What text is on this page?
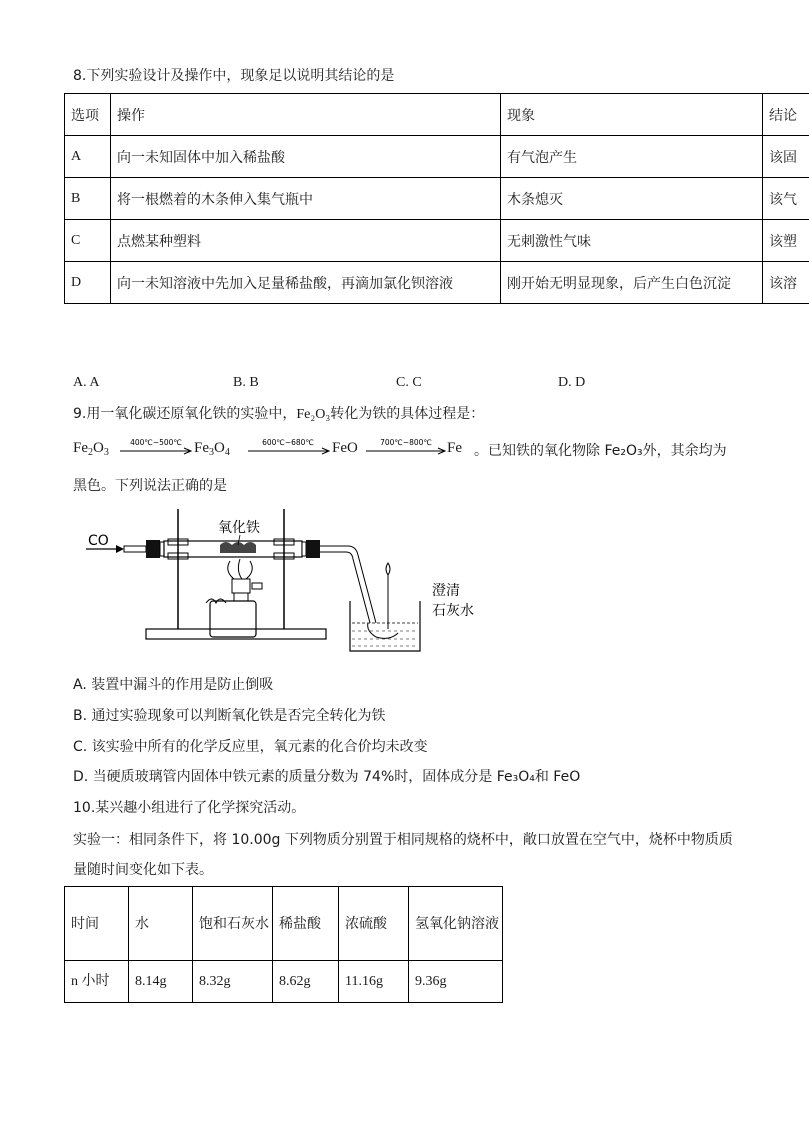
8.下列实验设计及操作中，现象足以说明其结论的是
选项	操作	现象	结论
A	向一未知固体中加入稀盐酸	有气泡产生	该固
B	将一根燃着的木条伸入集气瓶中	木条熄灭	该气
C	点燃某种塑料	无刺激性气味	该塑
D	向一未知溶液中先加入足量稀盐酸，再滴加氯化钡溶液	刚开始无明显现象，后产生白色沉淀	该溶
A. A	B. B	C. C	D. D
9.用一氧化碳还原氧化铁的实验中，Fe₂O₃转化为铁的具体过程是：
$Fe_2O_3$
400℃~500℃ $Fe_3O_4$
600℃~680℃ FeO	700℃~800℃ Fe 。已知铁的氧化物除 Fe₂O₃外，其余均为
黑色。下列说法正确的是
CO
氧化铁
澄清
石灰水
A. 装置中漏斗的作用是防止倒吸
B. 通过实验现象可以判断氧化铁是否完全转化为铁
C. 该实验中所有的化学反应里，氧元素的化合价均未改变
D. 当硬质玻璃管内固体中铁元素的质量分数为 74%时，固体成分是 Fe₃O₄和 FeO
10.某兴趣小组进行了化学探究活动。
实验一：相同条件下，将 10.00g 下列物质分别置于相同规格的烧杯中，敞口放置在空气中，烧杯中物质质
量随时间变化如下表。
时间	水	饱和石灰水	稀盐酸	浓硫酸	氢氧化钠溶液
n 小时	8.14g	8.32g	8.62g	11.16g	9.36g
